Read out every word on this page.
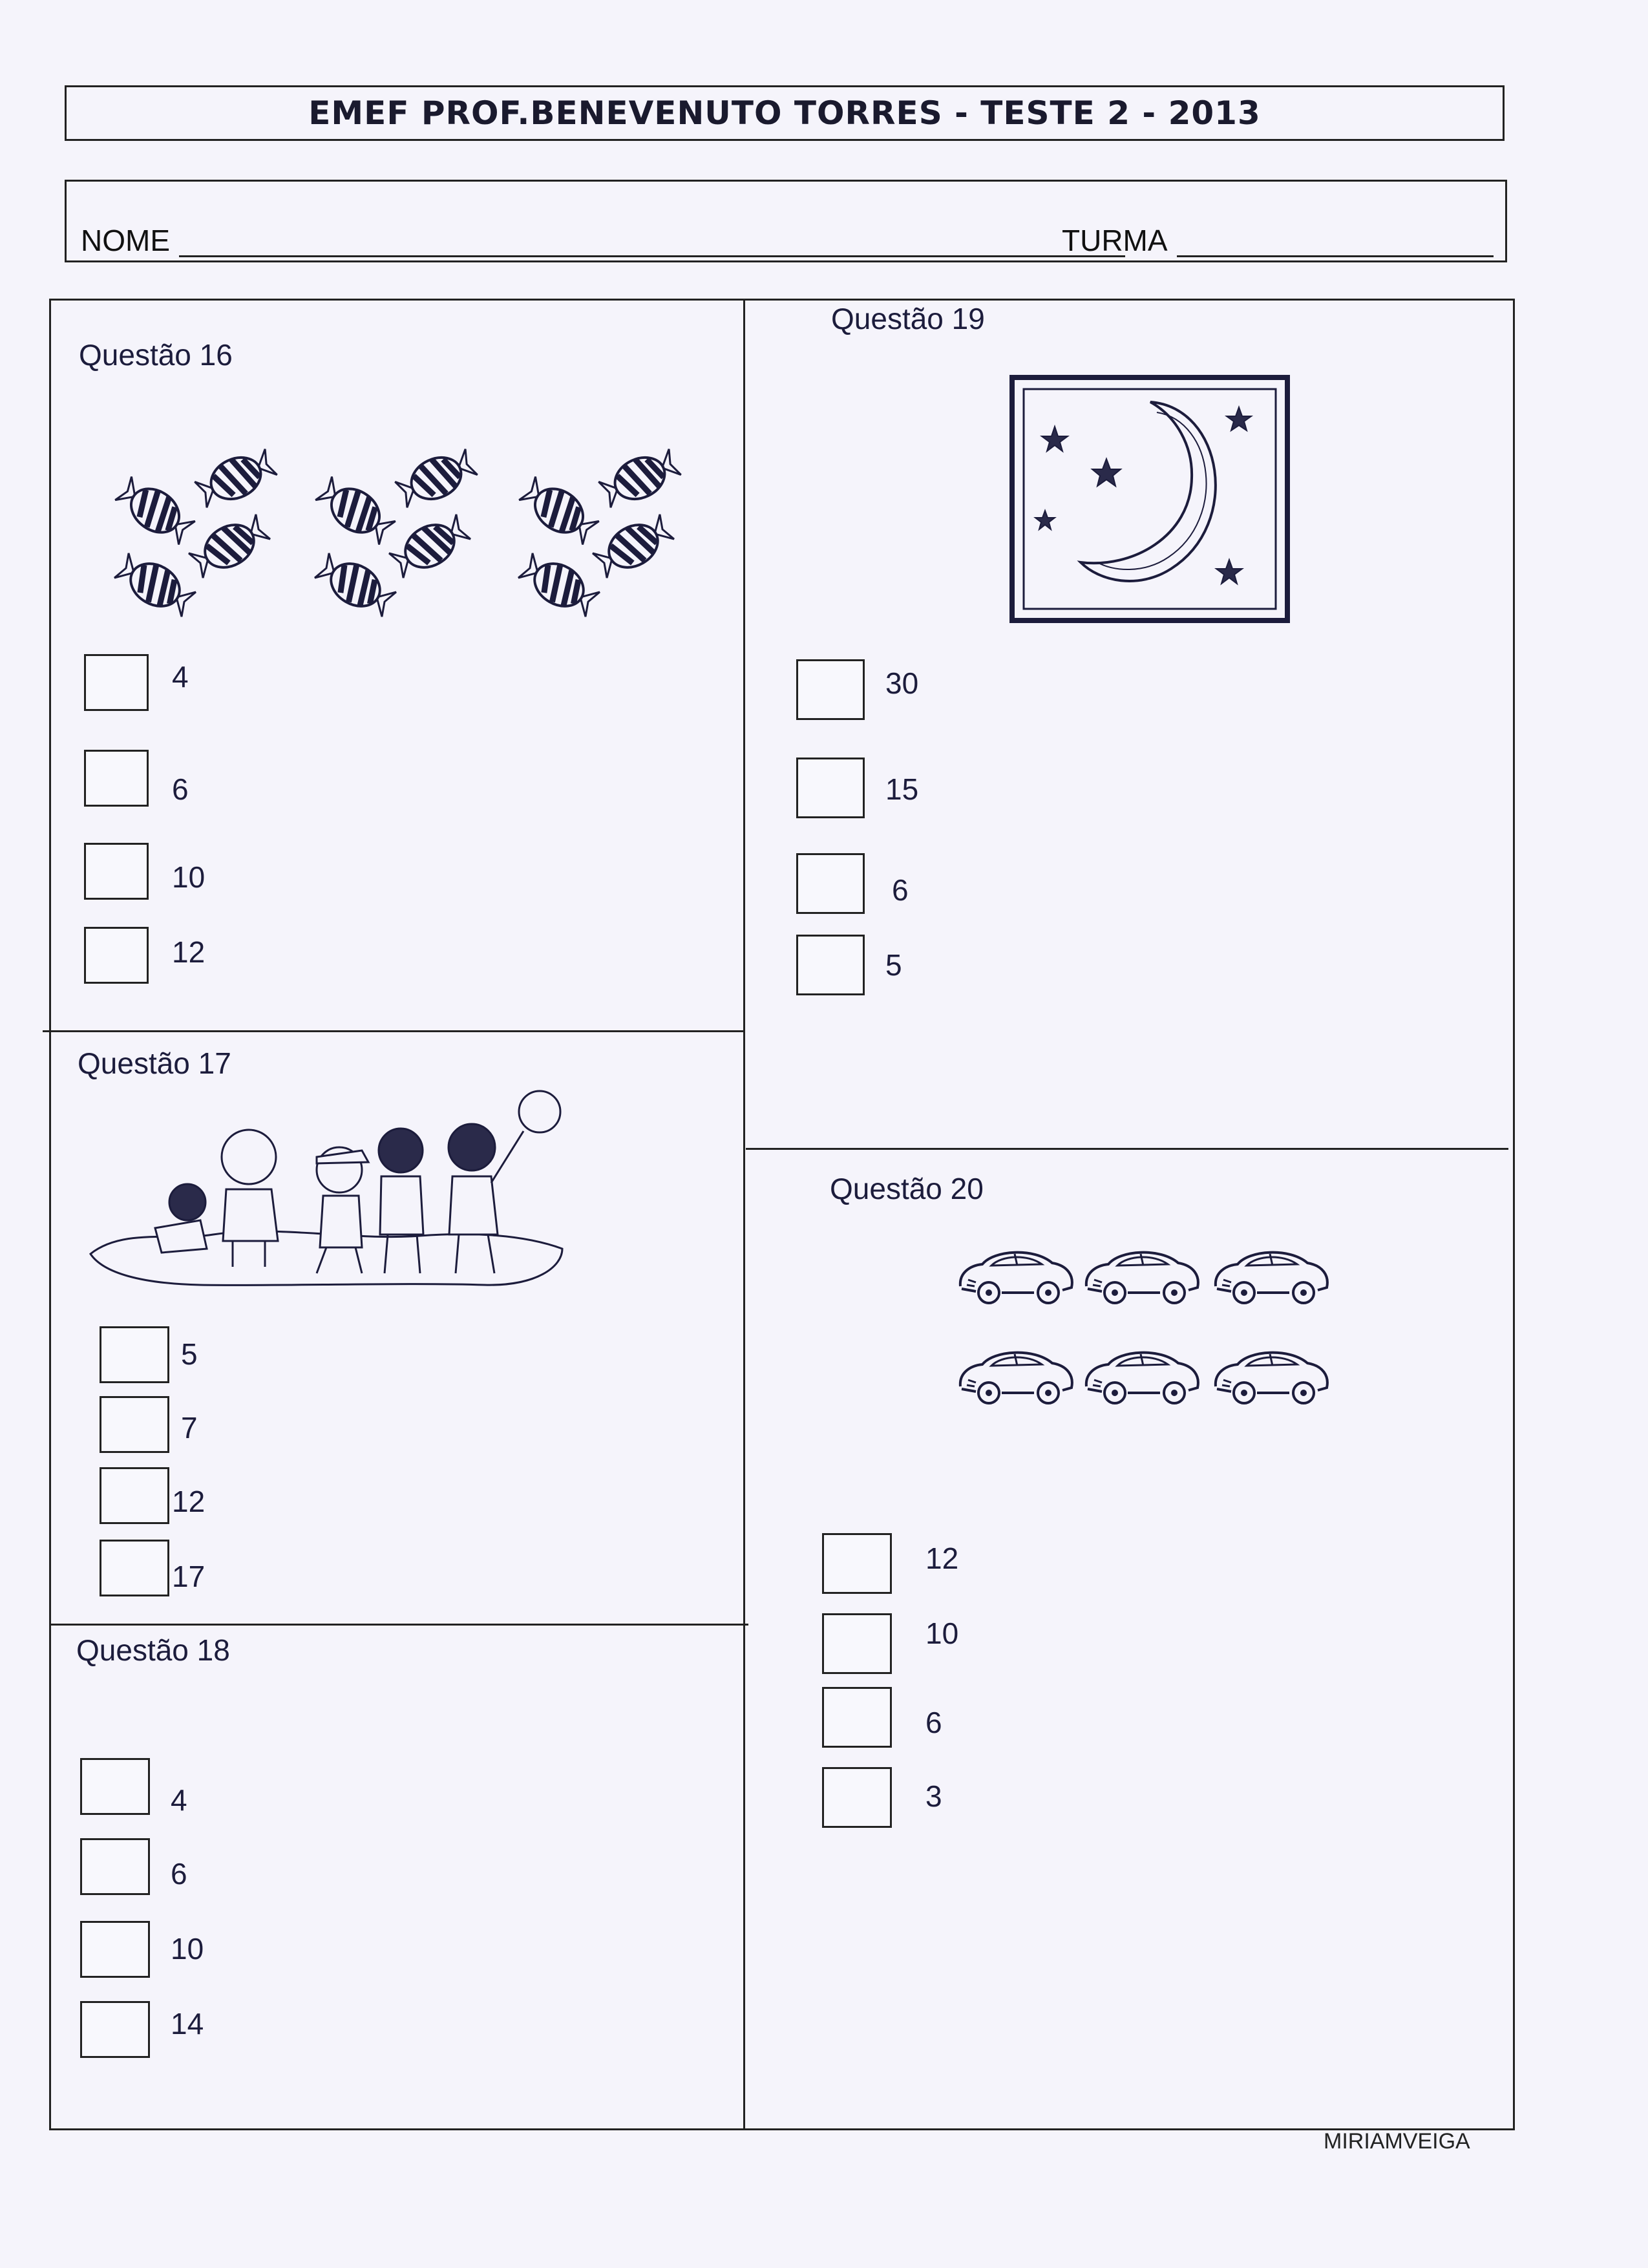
EMEF PROF.BENEVENUTO TORRES - TESTE 2 - 2013
NOME	TURMA
Questão 16
4
6
10
12
Questão 17
5
7
12
17
Questão 18
4
6
10
14
Questão 19
30
15
6
5
Questão 20
12
10
6
3
MIRIAMVEIGA
